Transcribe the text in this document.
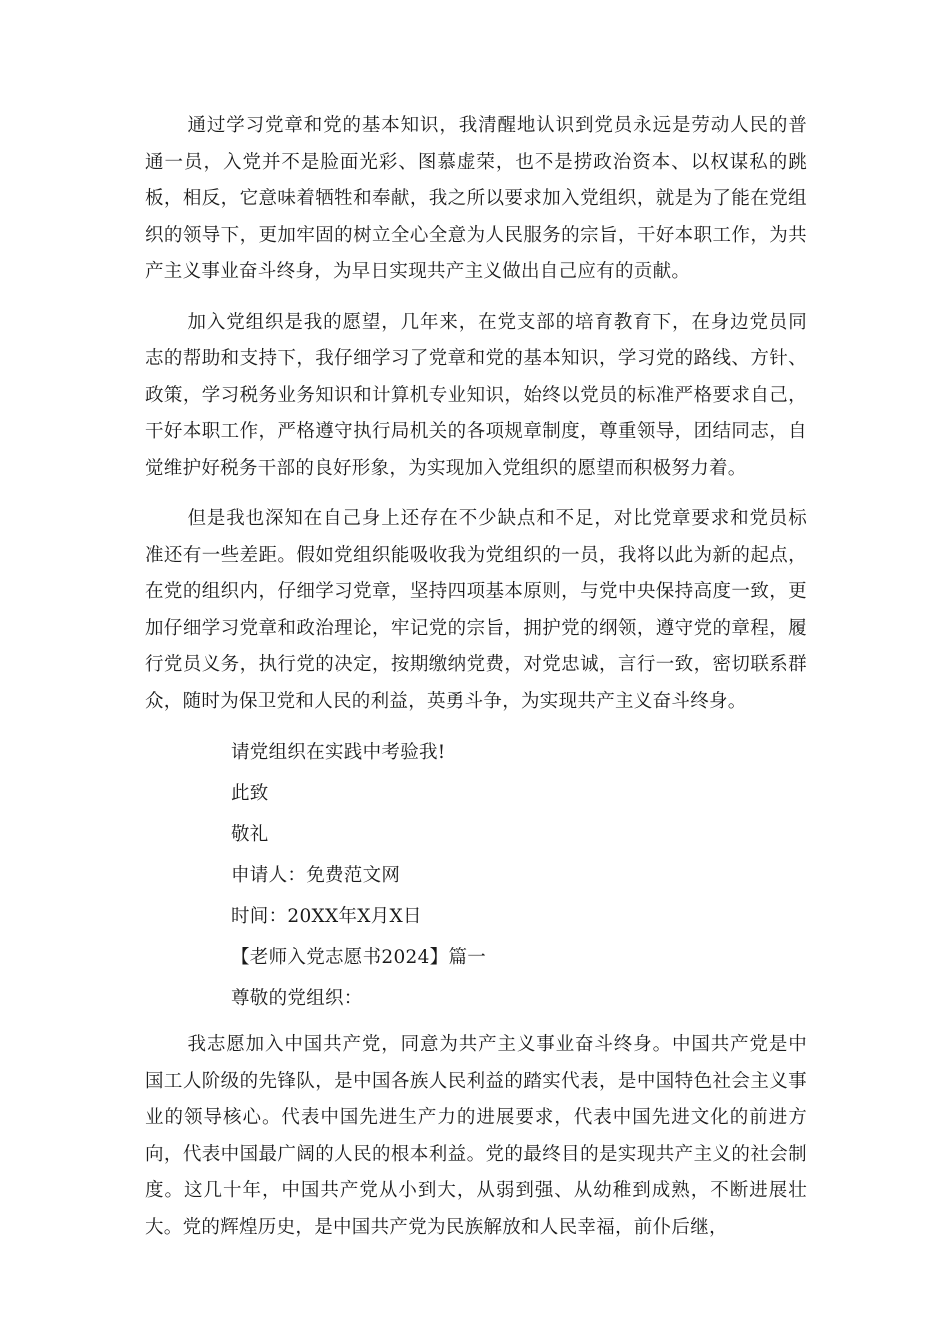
通过学习党章和党的基本知识，我清醒地认识到党员永远是劳动人民的普通一员，入党并不是脸面光彩、图慕虚荣，也不是捞政治资本、以权谋私的跳板，相反，它意味着牺牲和奉献，我之所以要求加入党组织，就是为了能在党组织的领导下，更加牢固的树立全心全意为人民服务的宗旨，干好本职工作，为共产主义事业奋斗终身，为早日实现共产主义做出自己应有的贡献。

加入党组织是我的愿望，几年来，在党支部的培育教育下，在身边党员同志的帮助和支持下，我仔细学习了党章和党的基本知识，学习党的路线、方针、政策，学习税务业务知识和计算机专业知识，始终以党员的标准严格要求自己，干好本职工作，严格遵守执行局机关的各项规章制度，尊重领导，团结同志，自觉维护好税务干部的良好形象，为实现加入党组织的愿望而积极努力着。

但是我也深知在自己身上还存在不少缺点和不足，对比党章要求和党员标准还有一些差距。假如党组织能吸收我为党组织的一员，我将以此为新的起点，在党的组织内，仔细学习党章，坚持四项基本原则，与党中央保持高度一致，更加仔细学习党章和政治理论，牢记党的宗旨，拥护党的纲领，遵守党的章程，履行党员义务，执行党的决定，按期缴纳党费，对党忠诚，言行一致，密切联系群众，随时为保卫党和人民的利益，英勇斗争，为实现共产主义奋斗终身。

请党组织在实践中考验我!

此致

敬礼

申请人：免费范文网

时间：20XX年X月X日

【老师入党志愿书2024】篇一

尊敬的党组织：

我志愿加入中国共产党，同意为共产主义事业奋斗终身。中国共产党是中国工人阶级的先锋队，是中国各族人民利益的踏实代表，是中国特色社会主义事业的领导核心。代表中国先进生产力的进展要求，代表中国先进文化的前进方向，代表中国最广阔的人民的根本利益。党的最终目的是实现共产主义的社会制度。这几十年，中国共产党从小到大，从弱到强、从幼稚到成熟，不断进展壮大。党的辉煌历史，是中国共产党为民族解放和人民幸福，前仆后继，
